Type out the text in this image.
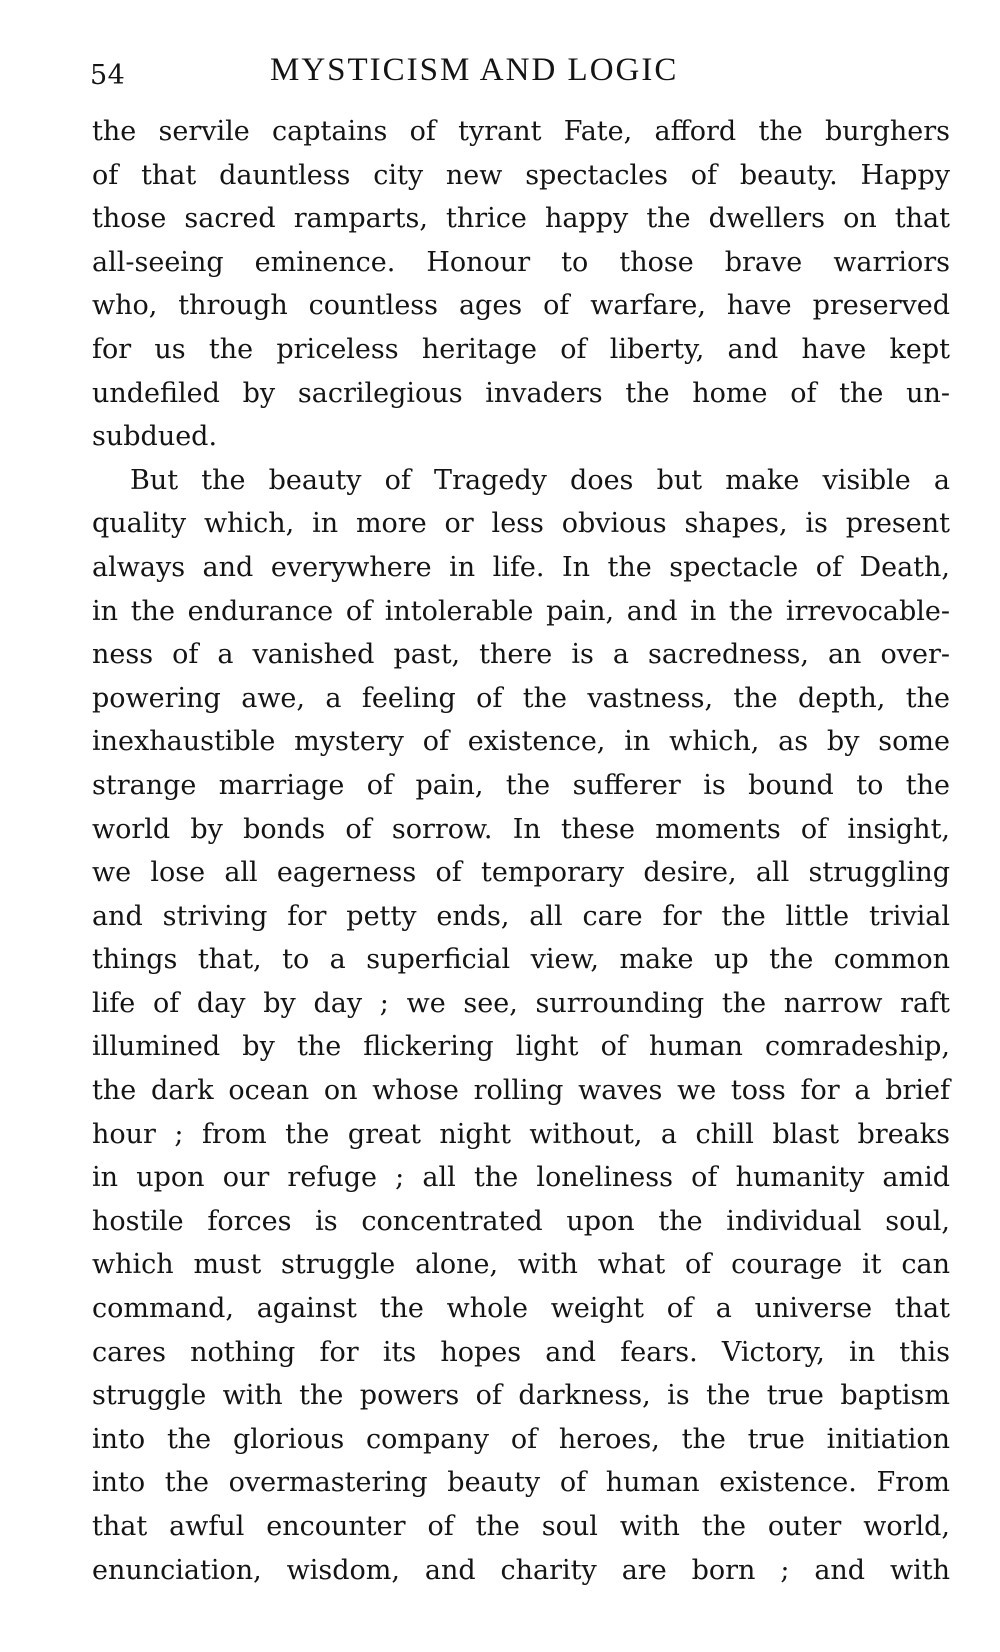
54	MYSTICISM AND LOGIC
the servile captains of tyrant Fate, afford the burghers
of that dauntless city new spectacles of beauty. Happy
those sacred ramparts, thrice happy the dwellers on that
all-seeing eminence. Honour to those brave warriors
who, through countless ages of warfare, have preserved
for us the priceless heritage of liberty, and have kept
undefiled by sacrilegious invaders the home of the un-
subdued.
But the beauty of Tragedy does but make visible a
quality which, in more or less obvious shapes, is present
always and everywhere in life. In the spectacle of Death,
in the endurance of intolerable pain, and in the irrevocable-
ness of a vanished past, there is a sacredness, an over-
powering awe, a feeling of the vastness, the depth, the
inexhaustible mystery of existence, in which, as by some
strange marriage of pain, the sufferer is bound to the
world by bonds of sorrow. In these moments of insight,
we lose all eagerness of temporary desire, all struggling
and striving for petty ends, all care for the little trivial
things that, to a superficial view, make up the common
life of day by day ; we see, surrounding the narrow raft
illumined by the flickering light of human comradeship,
the dark ocean on whose rolling waves we toss for a brief
hour ; from the great night without, a chill blast breaks
in upon our refuge ; all the loneliness of humanity amid
hostile forces is concentrated upon the individual soul,
which must struggle alone, with what of courage it can
command, against the whole weight of a universe that
cares nothing for its hopes and fears. Victory, in this
struggle with the powers of darkness, is the true baptism
into the glorious company of heroes, the true initiation
into the overmastering beauty of human existence. From
that awful encounter of the soul with the outer world,
enunciation, wisdom, and charity are born ; and with
